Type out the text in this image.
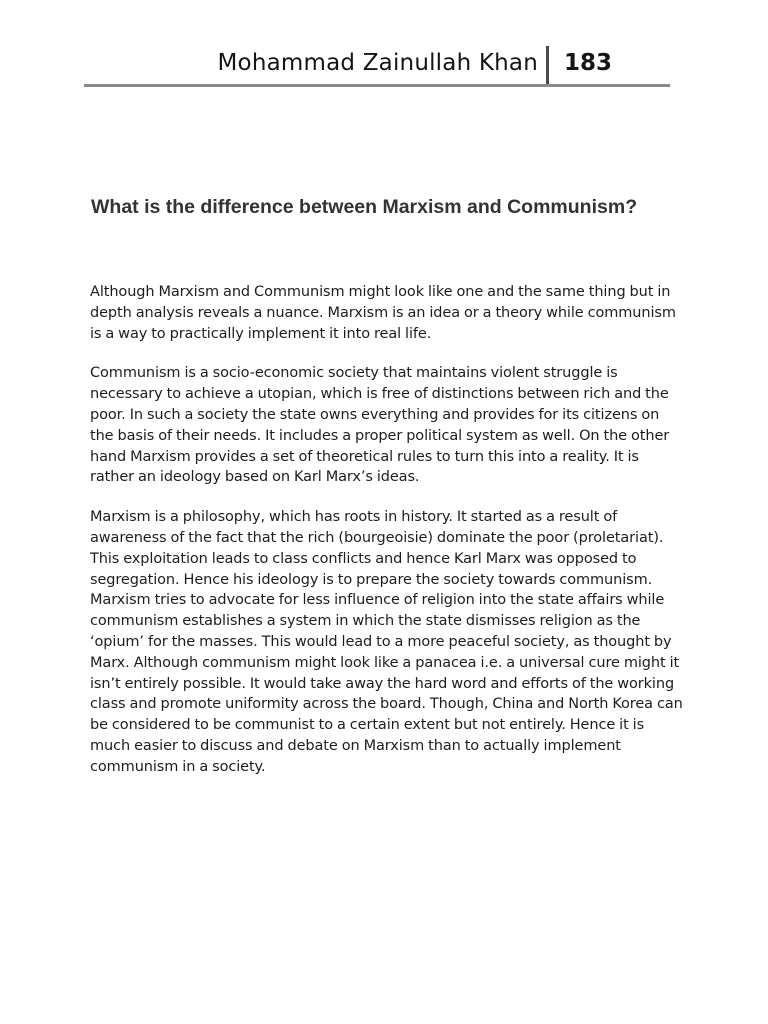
Mohammad Zainullah Khan 183
What is the difference between Marxism and Communism?

Although Marxism and Communism might look like one and the same thing but in depth analysis reveals a nuance. Marxism is an idea or a theory while communism is a way to practically implement it into real life.

Communism is a socio-economic society that maintains violent struggle is necessary to achieve a utopian, which is free of distinctions between rich and the poor. In such a society the state owns everything and provides for its citizens on the basis of their needs. It includes a proper political system as well. On the other hand Marxism provides a set of theoretical rules to turn this into a reality. It is rather an ideology based on Karl Marx’s ideas.

Marxism is a philosophy, which has roots in history. It started as a result of awareness of the fact that the rich (bourgeoisie) dominate the poor (proletariat). This exploitation leads to class conflicts and hence Karl Marx was opposed to segregation. Hence his ideology is to prepare the society towards communism. Marxism tries to advocate for less influence of religion into the state affairs while communism establishes a system in which the state dismisses religion as the ‘opium’ for the masses. This would lead to a more peaceful society, as thought by Marx. Although communism might look like a panacea i.e. a universal cure might it isn’t entirely possible. It would take away the hard word and efforts of the working class and promote uniformity across the board. Though, China and North Korea can be considered to be communist to a certain extent but not entirely. Hence it is much easier to discuss and debate on Marxism than to actually implement communism in a society.
